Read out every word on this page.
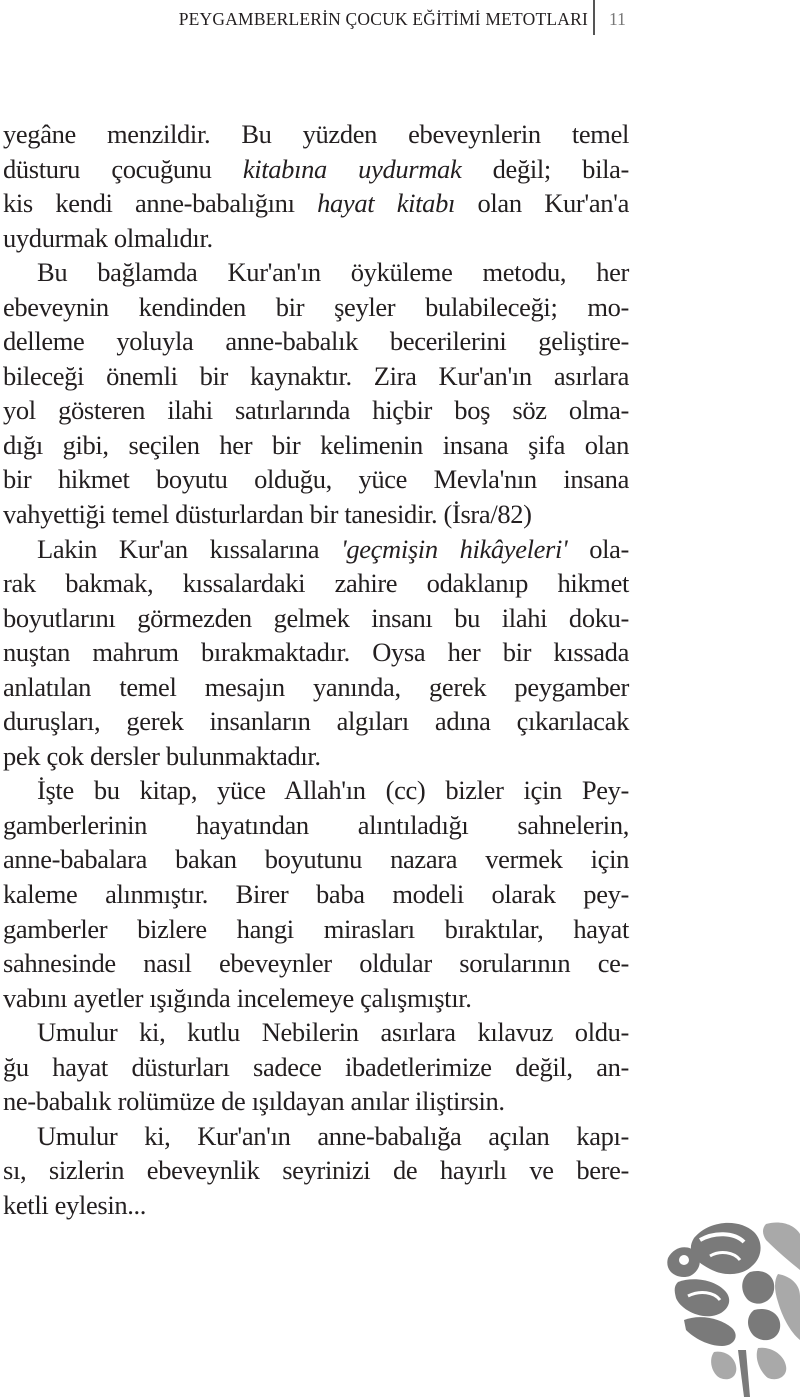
PEYGAMBERLERİN ÇOCUK EĞİTİMİ METOTLARI 11
yegâne menzildir. Bu yüzden ebeveynlerin temel
düsturu çocuğunu kitabına uydurmak değil; bila-
kis kendi anne-babalığını hayat kitabı olan Kur'an'a
uydurmak olmalıdır.
Bu bağlamda Kur'an'ın öyküleme metodu, her
ebeveynin kendinden bir şeyler bulabileceği; mo-
delleme yoluyla anne-babalık becerilerini geliştire-
bileceği önemli bir kaynaktır. Zira Kur'an'ın asırlara
yol gösteren ilahi satırlarında hiçbir boş söz olma-
dığı gibi, seçilen her bir kelimenin insana şifa olan
bir hikmet boyutu olduğu, yüce Mevla'nın insana
vahyettiği temel düsturlardan bir tanesidir. (İsra/82)
Lakin Kur'an kıssalarına 'geçmişin hikâyeleri' ola-
rak bakmak, kıssalardaki zahire odaklanıp hikmet
boyutlarını görmezden gelmek insanı bu ilahi doku-
nuştan mahrum bırakmaktadır. Oysa her bir kıssada
anlatılan temel mesajın yanında, gerek peygamber
duruşları, gerek insanların algıları adına çıkarılacak
pek çok dersler bulunmaktadır.
İşte bu kitap, yüce Allah'ın (cc) bizler için Pey-
gamberlerinin hayatından alıntıladığı sahnelerin,
anne-babalara bakan boyutunu nazara vermek için
kaleme alınmıştır. Birer baba modeli olarak pey-
gamberler bizlere hangi mirasları bıraktılar, hayat
sahnesinde nasıl ebeveynler oldular sorularının ce-
vabını ayetler ışığında incelemeye çalışmıştır.
Umulur ki, kutlu Nebilerin asırlara kılavuz oldu-
ğu hayat düsturları sadece ibadetlerimize değil, an-
ne-babalık rolümüze de ışıldayan anılar iliştirsin.
Umulur ki, Kur'an'ın anne-babalığa açılan kapı-
sı, sizlerin ebeveynlik seyrinizi de hayırlı ve bere-
ketli eylesin...
